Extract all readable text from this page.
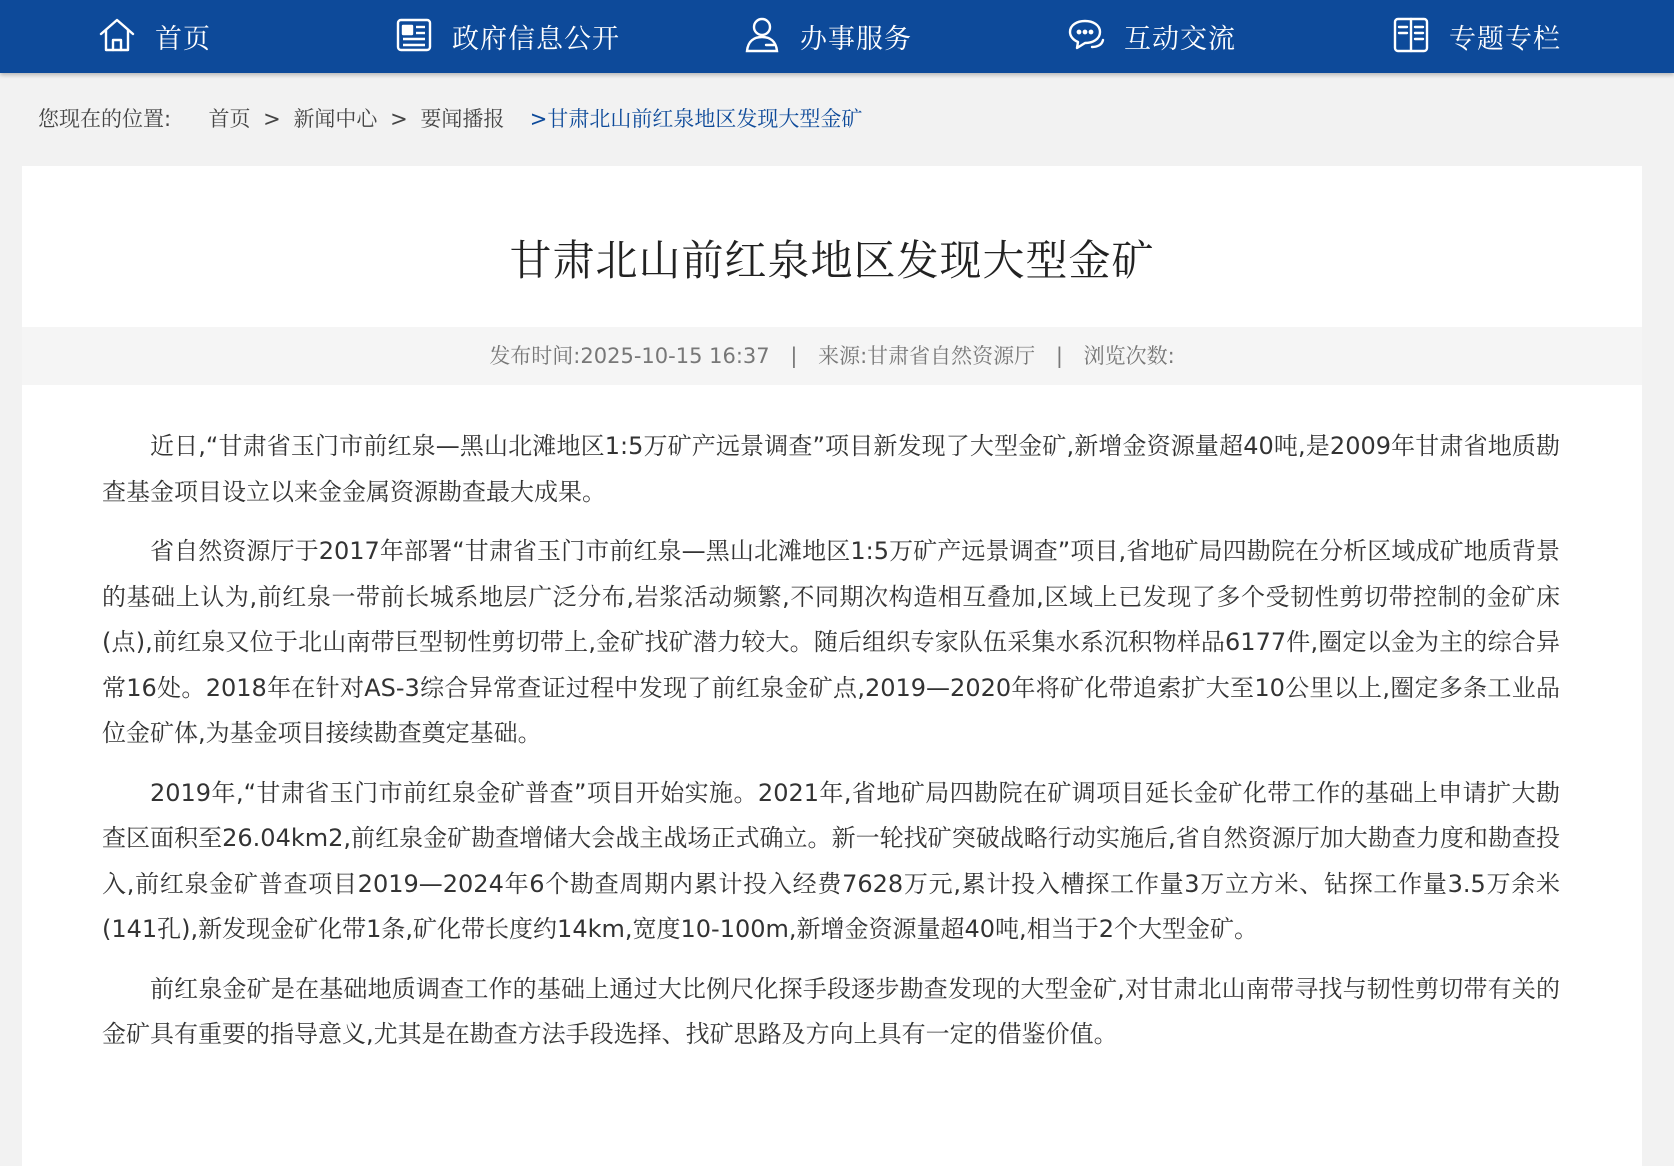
首页	政府信息公开	办事服务	互动交流	专题专栏
您现在的位置: 首页 > 新闻中心 > 要闻播报 >甘肃北山前红泉地区发现大型金矿
甘肃北山前红泉地区发现大型金矿
发布时间:2025-10-15 16:37 | 来源:甘肃省自然资源厅 | 浏览次数:

近日,“甘肃省玉门市前红泉—黑山北滩地区1:5万矿产远景调查”项目新发现了大型金矿,新增金资源量超40吨,是2009年甘肃省地质勘查基金项目设立以来金金属资源勘查最大成果。

省自然资源厅于2017年部署“甘肃省玉门市前红泉—黑山北滩地区1:5万矿产远景调查”项目,省地矿局四勘院在分析区域成矿地质背景的基础上认为,前红泉一带前长城系地层广泛分布,岩浆活动频繁,不同期次构造相互叠加,区域上已发现了多个受韧性剪切带控制的金矿床(点),前红泉又位于北山南带巨型韧性剪切带上,金矿找矿潜力较大。随后组织专家队伍采集水系沉积物样品6177件,圈定以金为主的综合异常16处。2018年在针对AS-3综合异常查证过程中发现了前红泉金矿点,2019—2020年将矿化带追索扩大至10公里以上,圈定多条工业品位金矿体,为基金项目接续勘查奠定基础。

2019年,“甘肃省玉门市前红泉金矿普查”项目开始实施。2021年,省地矿局四勘院在矿调项目延长金矿化带工作的基础上申请扩大勘查区面积至26.04km2,前红泉金矿勘查增储大会战主战场正式确立。新一轮找矿突破战略行动实施后,省自然资源厅加大勘查力度和勘查投入,前红泉金矿普查项目2019—2024年6个勘查周期内累计投入经费7628万元,累计投入槽探工作量3万立方米、钻探工作量3.5万余米(141孔),新发现金矿化带1条,矿化带长度约14km,宽度10-100m,新增金资源量超40吨,相当于2个大型金矿。

前红泉金矿是在基础地质调查工作的基础上通过大比例尺化探手段逐步勘查发现的大型金矿,对甘肃北山南带寻找与韧性剪切带有关的金矿具有重要的指导意义,尤其是在勘查方法手段选择、找矿思路及方向上具有一定的借鉴价值。
